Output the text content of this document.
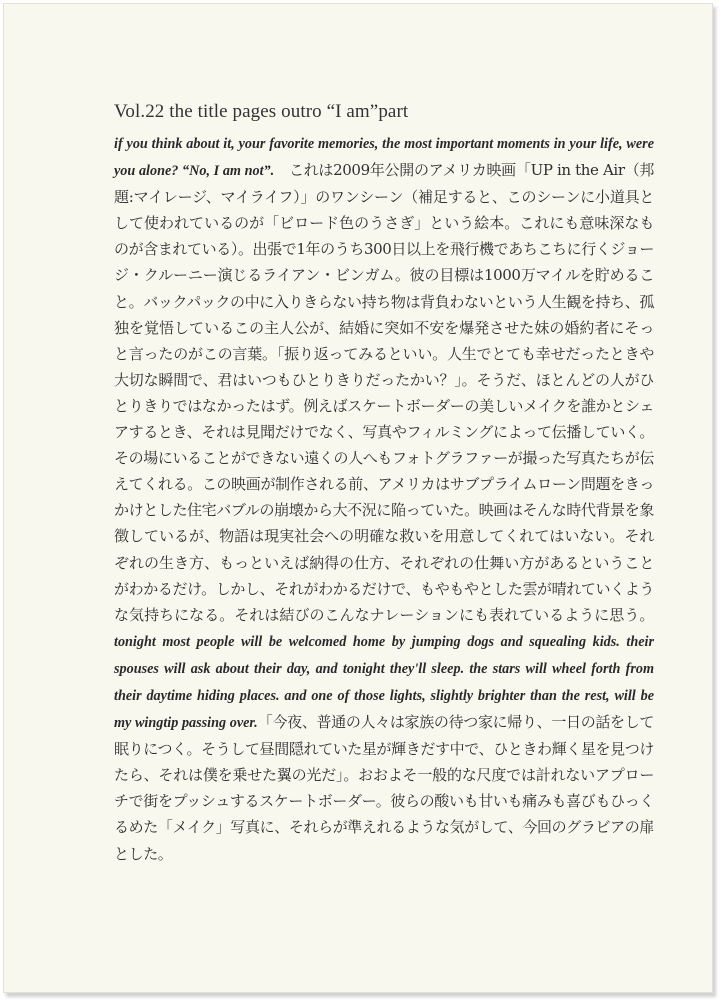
Vol.22 the title pages outro “I am”part
if you think about it, your favorite memories, the most important moments in your life, were you alone? “No, I am not”.　これは2009年公開のアメリカ映画「UP in the Air（邦題:マイレージ、マイライフ）」のワンシーン（補足すると、このシーンに小道具として使われているのが「ビロード色のうさぎ」という絵本。これにも意味深なものが含まれている）。出張で1年のうち300日以上を飛行機であちこちに行くジョージ・クルーニー演じるライアン・ビンガム。彼の目標は1000万マイルを貯めること。バックパックの中に入りきらない持ち物は背負わないという人生観を持ち、孤独を覚悟しているこの主人公が、結婚に突如不安を爆発させた妹の婚約者にそっと言ったのがこの言葉。「振り返ってみるといい。人生でとても幸せだったときや大切な瞬間で、君はいつもひとりきりだったかい？」。そうだ、ほとんどの人がひとりきりではなかったはず。例えばスケートボーダーの美しいメイクを誰かとシェアするとき、それは見聞だけでなく、写真やフィルミングによって伝播していく。その場にいることができない遠くの人へもフォトグラファーが撮った写真たちが伝えてくれる。この映画が制作される前、アメリカはサブプライムローン問題をきっかけとした住宅バブルの崩壊から大不況に陥っていた。映画はそんな時代背景を象徴しているが、物語は現実社会への明確な救いを用意してくれてはいない。それぞれの生き方、もっといえば納得の仕方、それぞれの仕舞い方があるということがわかるだけ。しかし、それがわかるだけで、もやもやとした雲が晴れていくような気持ちになる。それは結びのこんなナレーションにも表れているように思う。tonight most people will be welcomed home by jumping dogs and squealing kids. their spouses will ask about their day, and tonight they'll sleep. the stars will wheel forth from their daytime hiding places. and one of those lights, slightly brighter than the rest, will be my wingtip passing over.「今夜、普通の人々は家族の待つ家に帰り、一日の話をして眠りにつく。そうして昼間隠れていた星が輝きだす中で、ひときわ輝く星を見つけたら、それは僕を乗せた翼の光だ」。おおよそ一般的な尺度では計れないアプローチで街をプッシュするスケートボーダー。彼らの酸いも甘いも痛みも喜びもひっくるめた「メイク」写真に、それらが準えれるような気がして、今回のグラビアの扉とした。
